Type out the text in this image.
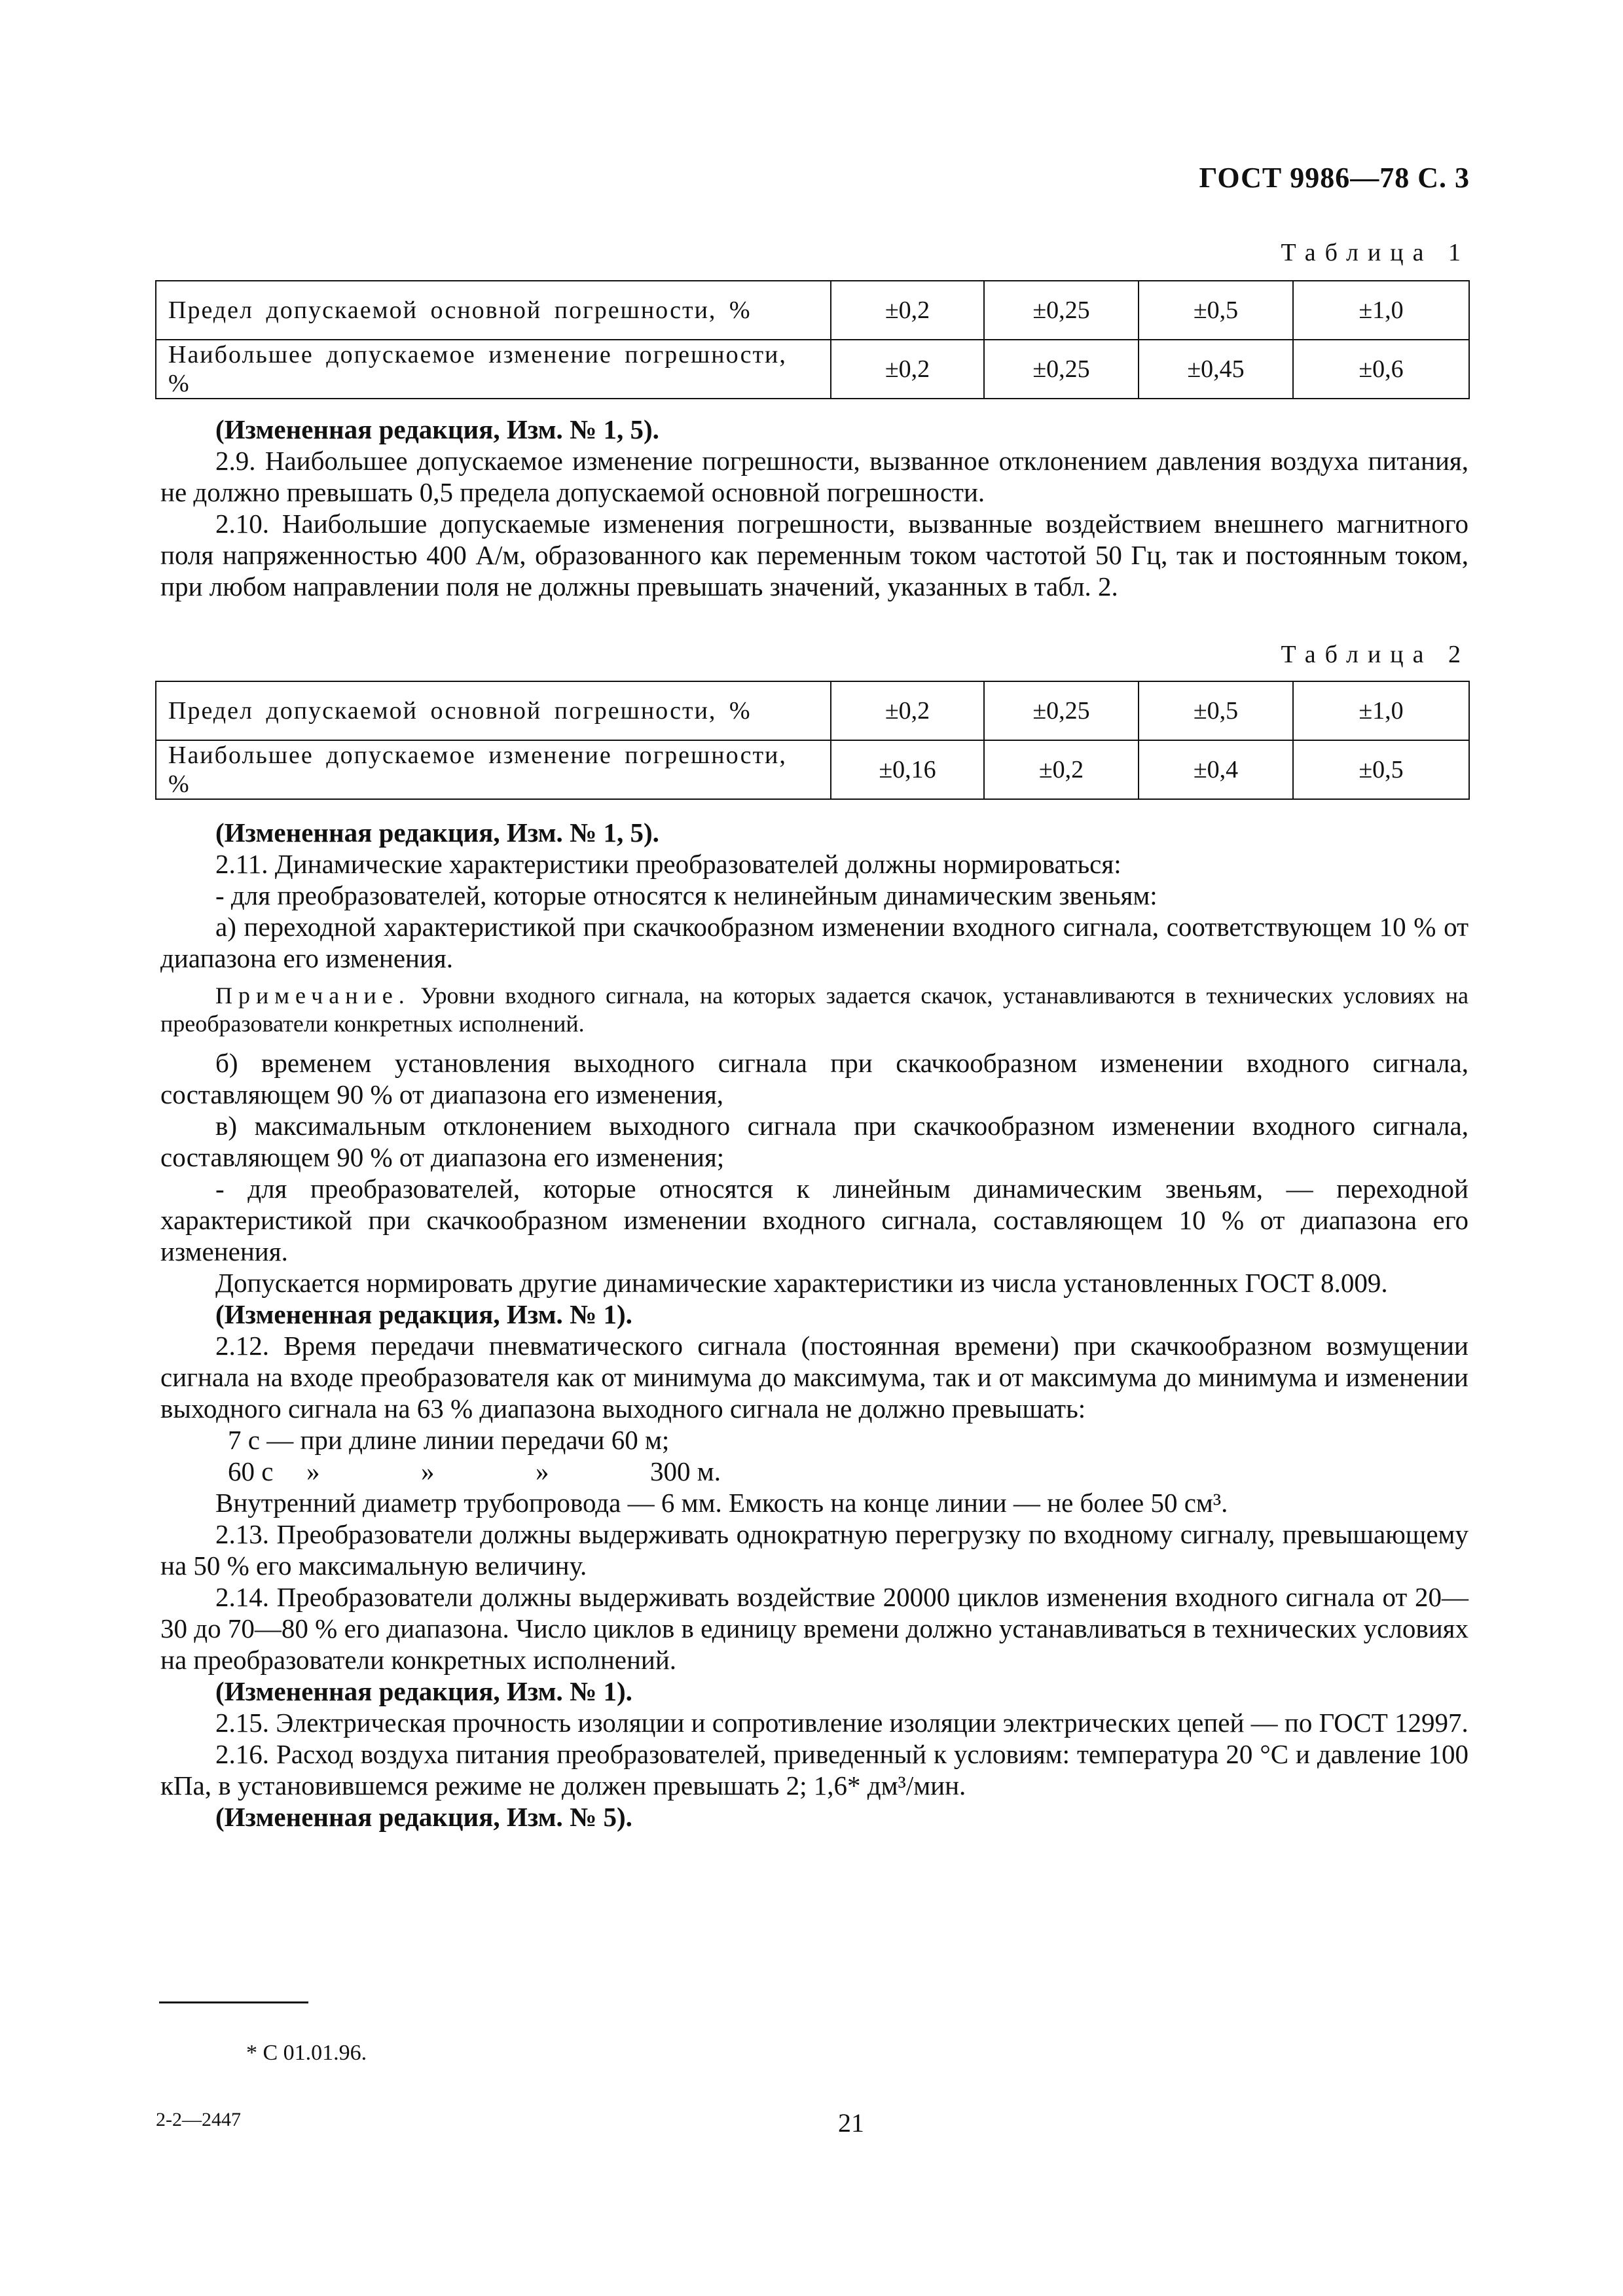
ГОСТ 9986—78 С. 3
Таблица 1
Предел допускаемой основной погрешности, %	±0,2	±0,25	±0,5	±1,0
Наибольшее допускаемое изменение погрешности, %	±0,2	±0,25	±0,45	±0,6

(Измененная редакция, Изм. № 1, 5).

2.9. Наибольшее допускаемое изменение погрешности, вызванное отклонением давления воздуха питания, не должно превышать 0,5 предела допускаемой основной погрешности.

2.10. Наибольшие допускаемые изменения погрешности, вызванные воздействием внешнего магнитного поля напряженностью 400 А/м, образованного как переменным током частотой 50 Гц, так и постоянным током, при любом направлении поля не должны превышать значений, указанных в табл. 2.

Таблица 2
Предел допускаемой основной погрешности, %	±0,2	±0,25	±0,5	±1,0
Наибольшее допускаемое изменение погрешности, %	±0,16	±0,2	±0,4	±0,5

(Измененная редакция, Изм. № 1, 5).

2.11. Динамические характеристики преобразователей должны нормироваться:

- для преобразователей, которые относятся к нелинейным динамическим звеньям:

а) переходной характеристикой при скачкообразном изменении входного сигнала, соответствующем 10 % от диапазона его изменения.

Примечание. Уровни входного сигнала, на которых задается скачок, устанавливаются в технических условиях на преобразователи конкретных исполнений.

б) временем установления выходного сигнала при скачкообразном изменении входного сигнала, составляющем 90 % от диапазона его изменения,

в) максимальным отклонением выходного сигнала при скачкообразном изменении входного сигнала, составляющем 90 % от диапазона его изменения;

- для преобразователей, которые относятся к линейным динамическим звеньям, — переходной характеристикой при скачкообразном изменении входного сигнала, составляющем 10 % от диапазона его изменения.

Допускается нормировать другие динамические характеристики из числа установленных ГОСТ 8.009.

(Измененная редакция, Изм. № 1).

2.12. Время передачи пневматического сигнала (постоянная времени) при скачкообразном возмущении сигнала на входе преобразователя как от минимума до максимума, так и от максимума до минимума и изменении выходного сигнала на 63 % диапазона выходного сигнала не должно превышать:

7 с — при длине линии передачи 60 м;
60 с »	»	»	300 м.

Внутренний диаметр трубопровода — 6 мм. Емкость на конце линии — не более 50 см³.

2.13. Преобразователи должны выдерживать однократную перегрузку по входному сигналу, превышающему на 50 % его максимальную величину.

2.14. Преобразователи должны выдерживать воздействие 20000 циклов изменения входного сигнала от 20—30 до 70—80 % его диапазона. Число циклов в единицу времени должно устанавливаться в технических условиях на преобразователи конкретных исполнений.

(Измененная редакция, Изм. № 1).

2.15. Электрическая прочность изоляции и сопротивление изоляции электрических цепей — по ГОСТ 12997.

2.16. Расход воздуха питания преобразователей, приведенный к условиям: температура 20 °С и давление 100 кПа, в установившемся режиме не должен превышать 2; 1,6* дм³/мин.

(Измененная редакция, Изм. № 5).

* С 01.01.96.
2-2—2447	21
